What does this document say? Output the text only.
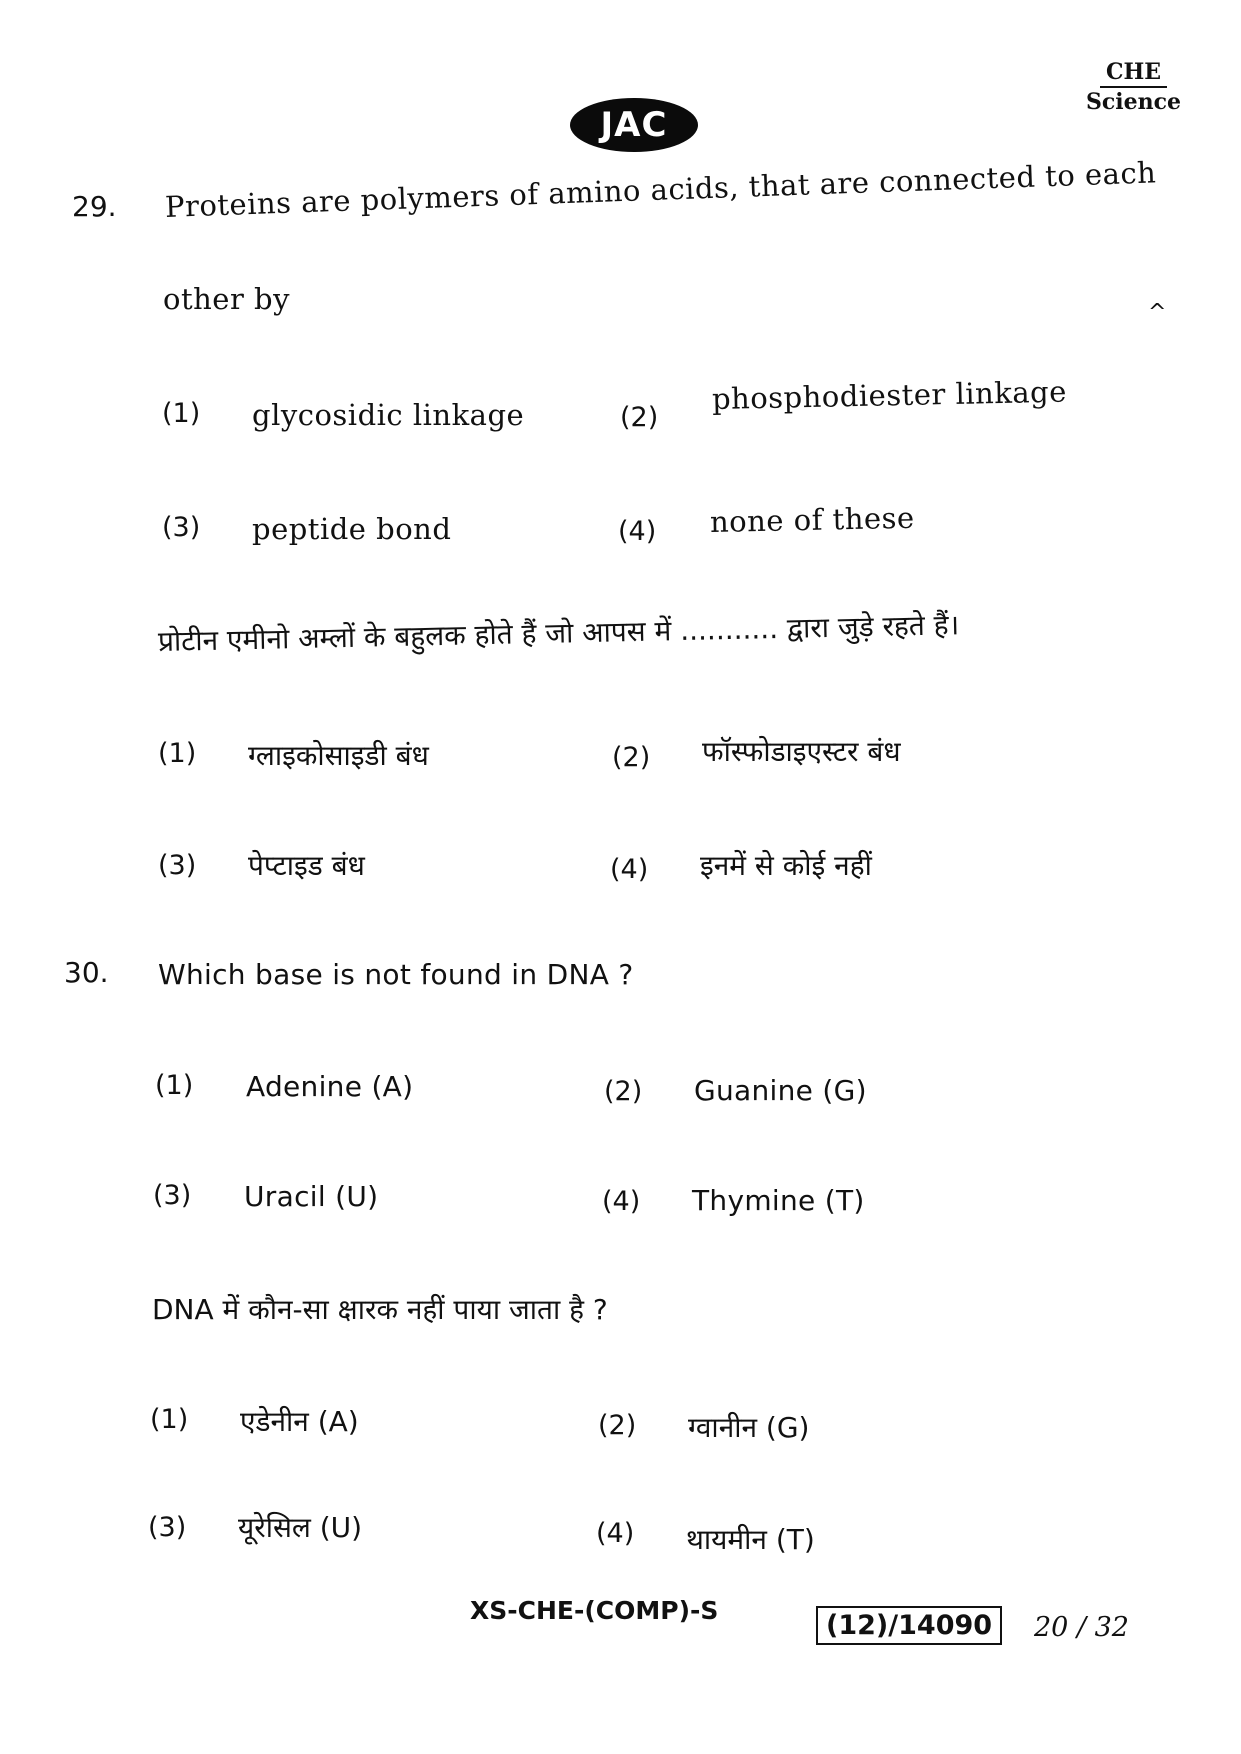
JAC
CHE
Science
29. Proteins are polymers of amino acids, that are connected to each
other by	^
(1) glycosidic linkage	(2)
phosphodiester linkage
(3) peptide bond	(4) none of these
प्रोटीन एमीनो अम्लों के बहुलक होते हैं जो आपस में ........... द्वारा जुड़े रहते हैं।
(1) ग्लाइकोसाइडी बंध	(2) फॉस्फोडाइएस्टर बंध
(3) पेप्टाइड बंध	(4) इनमें से कोई नहीं
30. Which base is not found in DNA ?
(1) Adenine (A)	(2) Guanine (G)
(3) Uracil (U)	(4) Thymine (T)
DNA में कौन-सा क्षारक नहीं पाया जाता है ?
(1) एडेनीन (A)	(2) ग्वानीन (G)
(3) यूरेसिल (U)	(4) थायमीन (T)
XS-CHE-(COMP)-S	(12)/14090	20 / 32
